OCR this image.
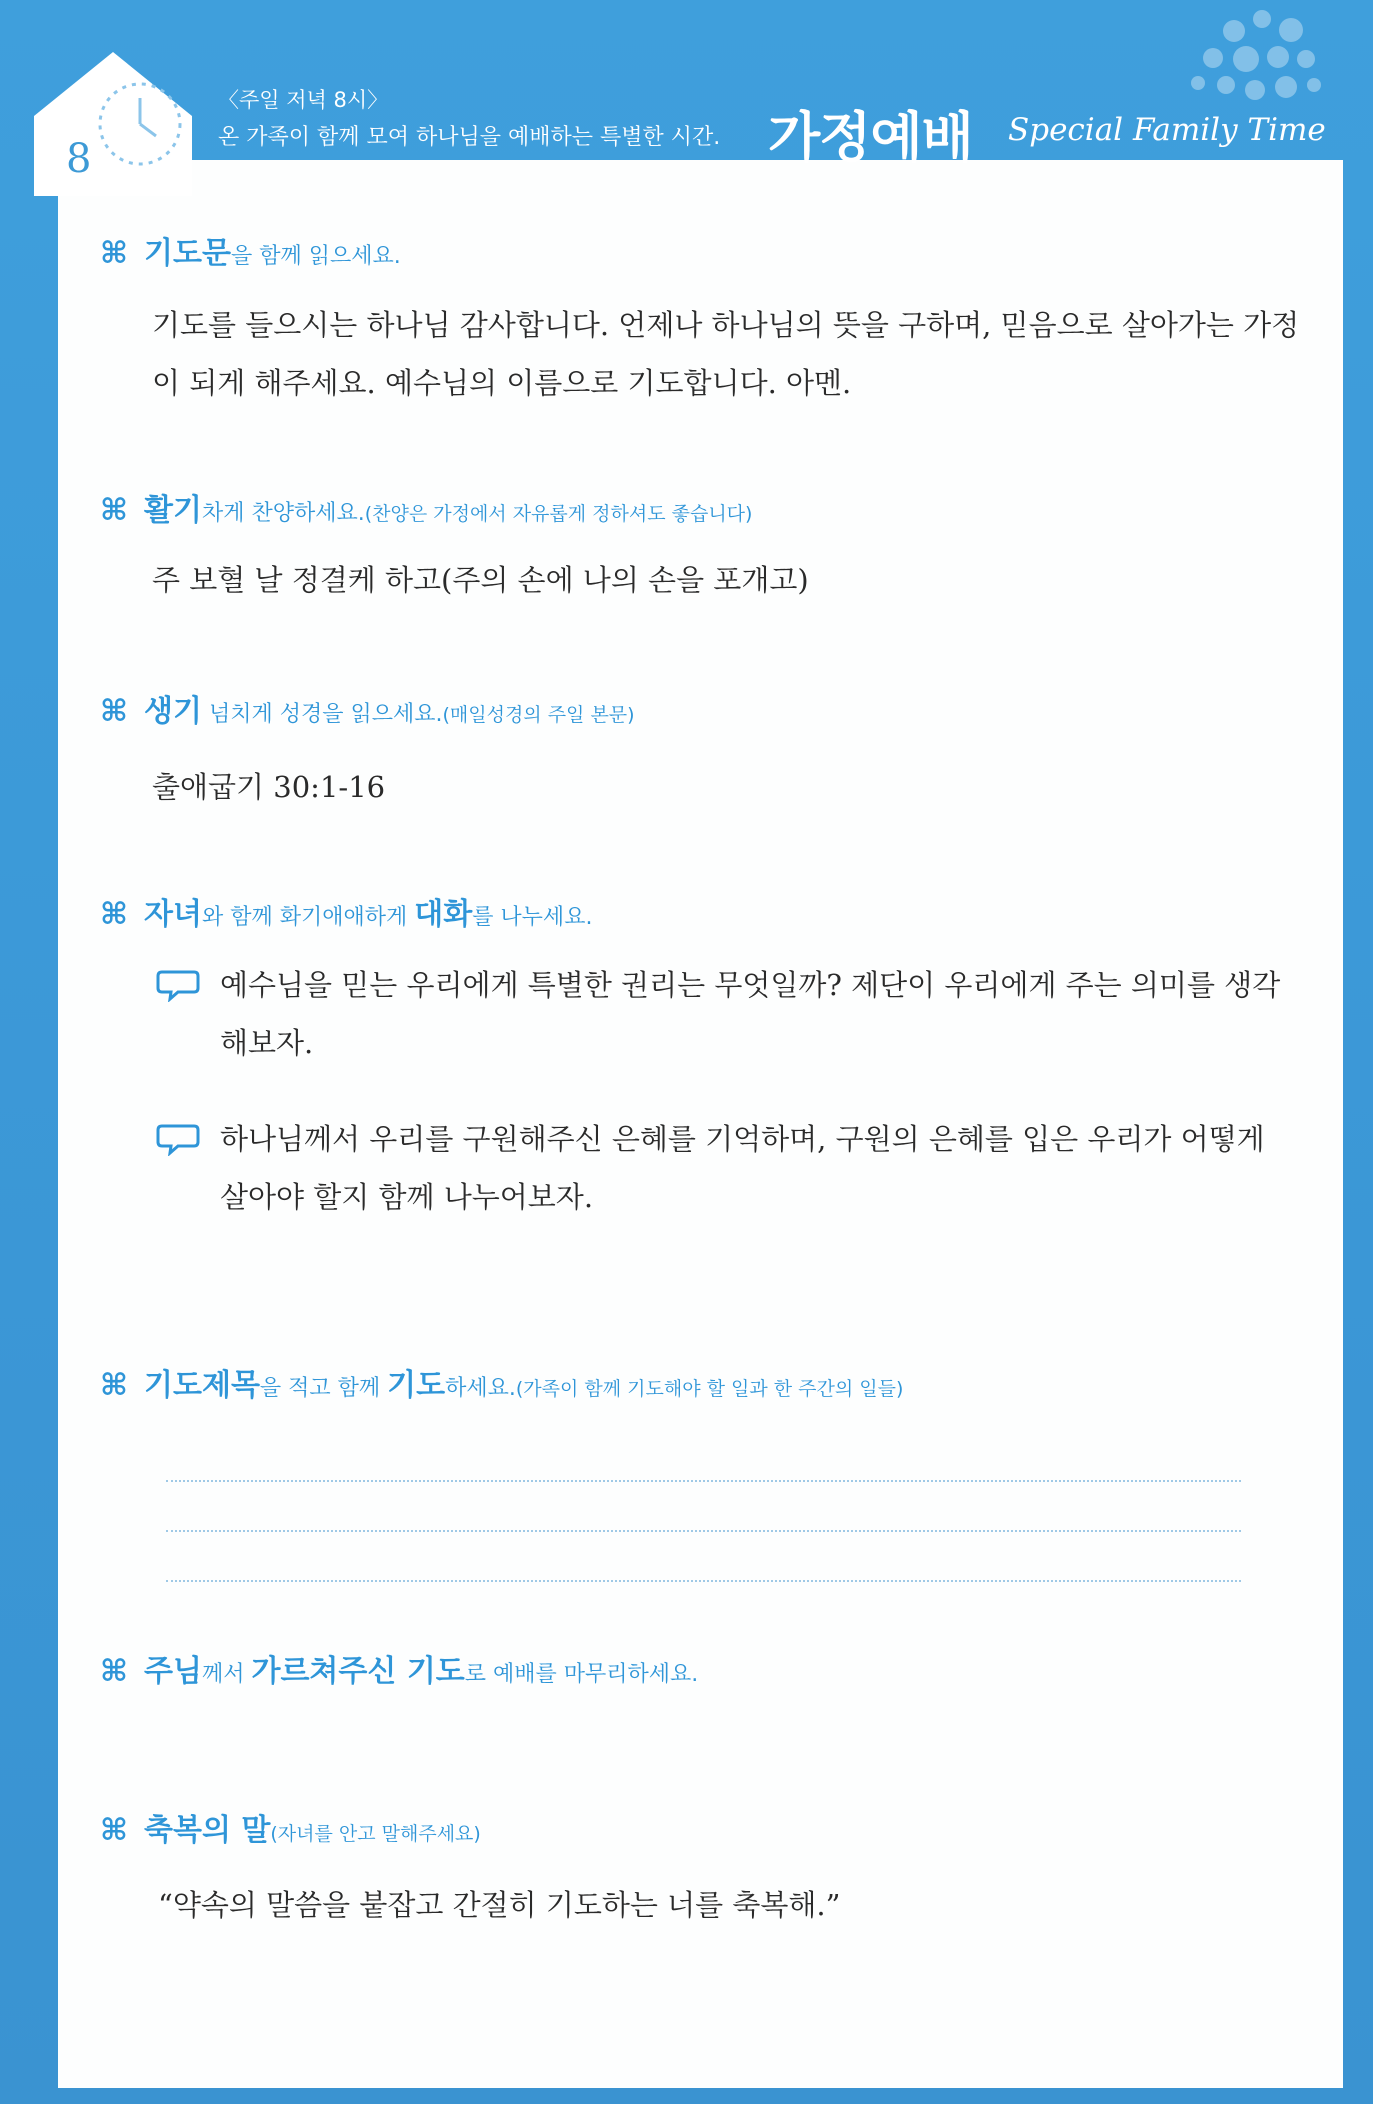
8
〈주일 저녁 8시〉
온 가족이 함께 모여 하나님을 예배하는 특별한 시간. 가정예배 Special Family Time
⌘ 기도문을 함께 읽으세요.
기도를 들으시는 하나님 감사합니다. 언제나 하나님의 뜻을 구하며, 믿음으로 살아가는 가정이 되게 해주세요. 예수님의 이름으로 기도합니다. 아멘.
⌘ 활기차게 찬양하세요.(찬양은 가정에서 자유롭게 정하셔도 좋습니다)
주 보혈 날 정결케 하고(주의 손에 나의 손을 포개고)
⌘ 생기 넘치게 성경을 읽으세요.(매일성경의 주일 본문)
출애굽기 30:1-16
⌘ 자녀와 함께 화기애애하게 대화를 나누세요.
예수님을 믿는 우리에게 특별한 권리는 무엇일까? 제단이 우리에게 주는 의미를 생각해보자.
하나님께서 우리를 구원해주신 은혜를 기억하며, 구원의 은혜를 입은 우리가 어떻게 살아야 할지 함께 나누어보자.
⌘ 기도제목을 적고 함께 기도하세요.(가족이 함께 기도해야 할 일과 한 주간의 일들)
⌘ 주님께서 가르쳐주신 기도로 예배를 마무리하세요.
⌘ 축복의 말(자녀를 안고 말해주세요)
“약속의 말씀을 붙잡고 간절히 기도하는 너를 축복해.”
